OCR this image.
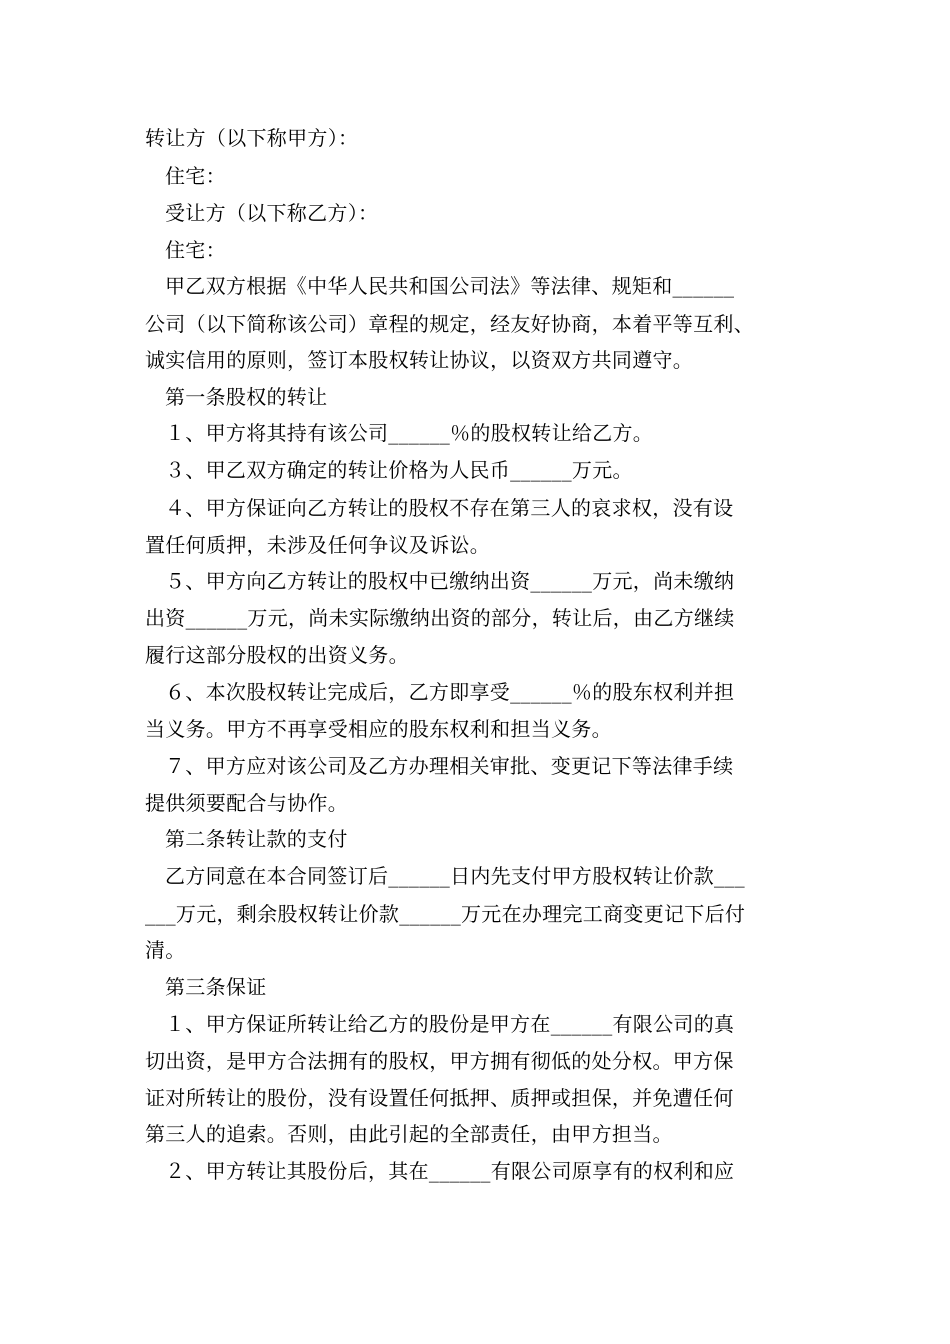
转让方（以下称甲方）：
住宅：
受让方（以下称乙方）：
住宅：
甲乙双方根据《中华人民共和国公司法》等法律、规矩和______
公司（以下简称该公司）章程的规定，经友好协商，本着平等互利、
诚实信用的原则，签订本股权转让协议，以资双方共同遵守。
第一条股权的转让
１、甲方将其持有该公司______％的股权转让给乙方。
３、甲乙双方确定的转让价格为人民币______万元。
４、甲方保证向乙方转让的股权不存在第三人的哀求权，没有设
置任何质押，未涉及任何争议及诉讼。
５、甲方向乙方转让的股权中已缴纳出资______万元，尚未缴纳
出资______万元，尚未实际缴纳出资的部分，转让后，由乙方继续
履行这部分股权的出资义务。
６、本次股权转让完成后，乙方即享受______％的股东权利并担
当义务。甲方不再享受相应的股东权利和担当义务。
７、甲方应对该公司及乙方办理相关审批、变更记下等法律手续
提供须要配合与协作。
第二条转让款的支付
乙方同意在本合同签订后______日内先支付甲方股权转让价款___
___万元，剩余股权转让价款______万元在办理完工商变更记下后付
清。
第三条保证
１、甲方保证所转让给乙方的股份是甲方在______有限公司的真
切出资，是甲方合法拥有的股权，甲方拥有彻低的处分权。甲方保
证对所转让的股份，没有设置任何抵押、质押或担保，并免遭任何
第三人的追索。否则，由此引起的全部责任，由甲方担当。
２、甲方转让其股份后，其在______有限公司原享有的权利和应
